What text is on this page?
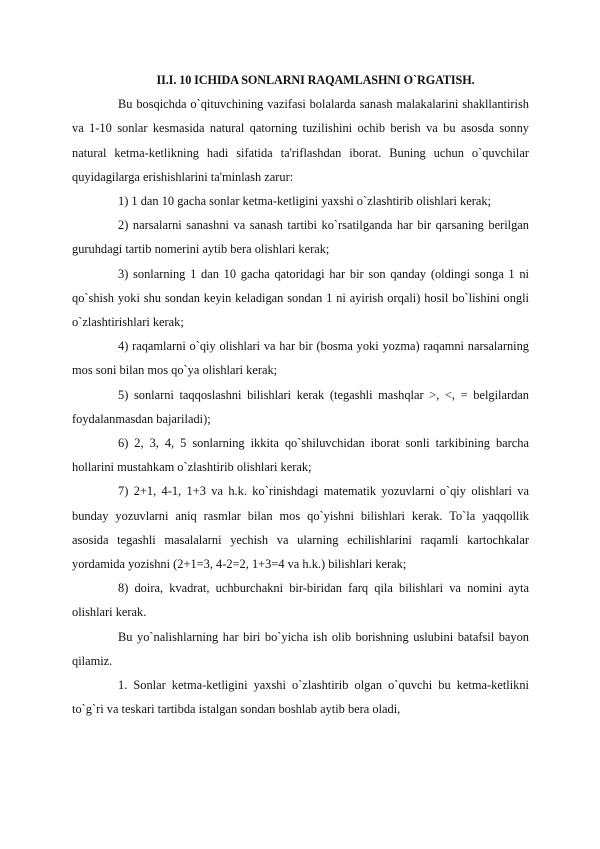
II.I. 10 ICHIDA SONLARNI RAQAMLASHNI O`RGATISH.

Bu bosqichda o`qituvchining vazifasi bolalarda sanash malakalarini shakllantirish va 1-10 sonlar kesmasida natural qatorning tuzilishini ochib berish va bu asosda sonny natural ketma-ketlikning hadi sifatida ta'riflashdan iborat. Buning uchun o`quvchilar quyidagilarga erishishlarini ta'minlash zarur:

1) 1 dan 10 gacha sonlar ketma-ketligini yaxshi o`zlashtirib olishlari kerak;

2) narsalarni sanashni va sanash tartibi ko`rsatilganda har bir qarsaning berilgan guruhdagi tartib nomerini aytib bera olishlari kerak;

3) sonlarning 1 dan 10 gacha qatoridagi har bir son qanday (oldingi songa 1 ni qo`shish yoki shu sondan keyin keladigan sondan 1 ni ayirish orqali) hosil bo`lishini ongli o`zlashtirishlari kerak;

4) raqamlarni o`qiy olishlari va har bir (bosma yoki yozma) raqamni narsalarning mos soni bilan mos qo`ya olishlari kerak;

5) sonlarni taqqoslashni bilishlari kerak (tegashli mashqlar >, <, = belgilardan foydalanmasdan bajariladi);

6) 2, 3, 4, 5 sonlarning ikkita qo`shiluvchidan iborat sonli tarkibining barcha hollarini mustahkam o`zlashtirib olishlari kerak;

7) 2+1, 4-1, 1+3 va h.k. ko`rinishdagi matematik yozuvlarni o`qiy olishlari va bunday yozuvlarni aniq rasmlar bilan mos qo`yishni bilishlari kerak. To`la yaqqollik asosida tegashli masalalarni yechish va ularning echilishlarini raqamli kartochkalar yordamida yozishni (2+1=3, 4-2=2, 1+3=4 va h.k.) bilishlari kerak;

8) doira, kvadrat, uchburchakni bir-biridan farq qila bilishlari va nomini ayta olishlari kerak.

Bu yo`nalishlarning har biri bo`yicha ish olib borishning uslubini batafsil bayon qilamiz.

1. Sonlar ketma-ketligini yaxshi o`zlashtirib olgan o`quvchi bu ketma-ketlikni to`g`ri va teskari tartibda istalgan sondan boshlab aytib bera oladi,
